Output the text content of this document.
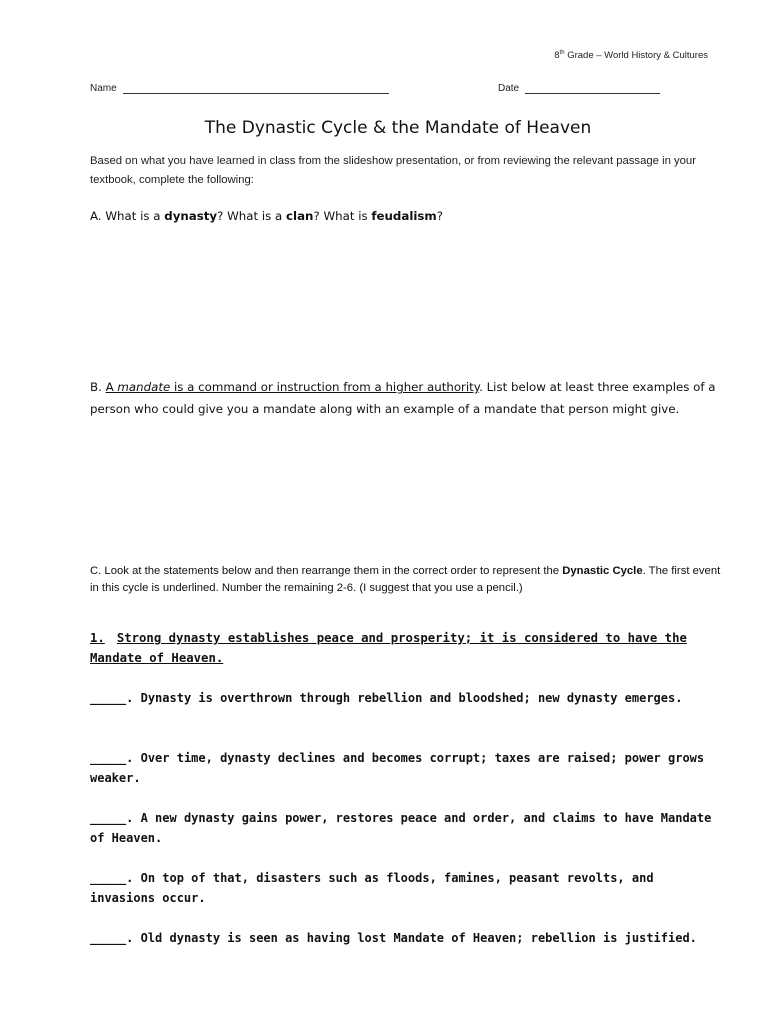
8th Grade – World History & Cultures
Name	Date
The Dynastic Cycle & the Mandate of Heaven
Based on what you have learned in class from the slideshow presentation, or from reviewing the relevant passage in your textbook, complete the following:
A. What is a dynasty? What is a clan? What is feudalism?
B. A mandate is a command or instruction from a higher authority. List below at least three examples of a person who could give you a mandate along with an example of a mandate that person might give.
C. Look at the statements below and then rearrange them in the correct order to represent the Dynastic Cycle. The first event in this cycle is underlined. Number the remaining 2-6. (I suggest that you use a pencil.)
1. Strong dynasty establishes peace and prosperity; it is considered to have the Mandate of Heaven.
_____. Dynasty is overthrown through rebellion and bloodshed; new dynasty emerges.
_____. Over time, dynasty declines and becomes corrupt; taxes are raised; power grows weaker.
_____. A new dynasty gains power, restores peace and order, and claims to have Mandate of Heaven.
_____. On top of that, disasters such as floods, famines, peasant revolts, and invasions occur.
_____. Old dynasty is seen as having lost Mandate of Heaven; rebellion is justified.
